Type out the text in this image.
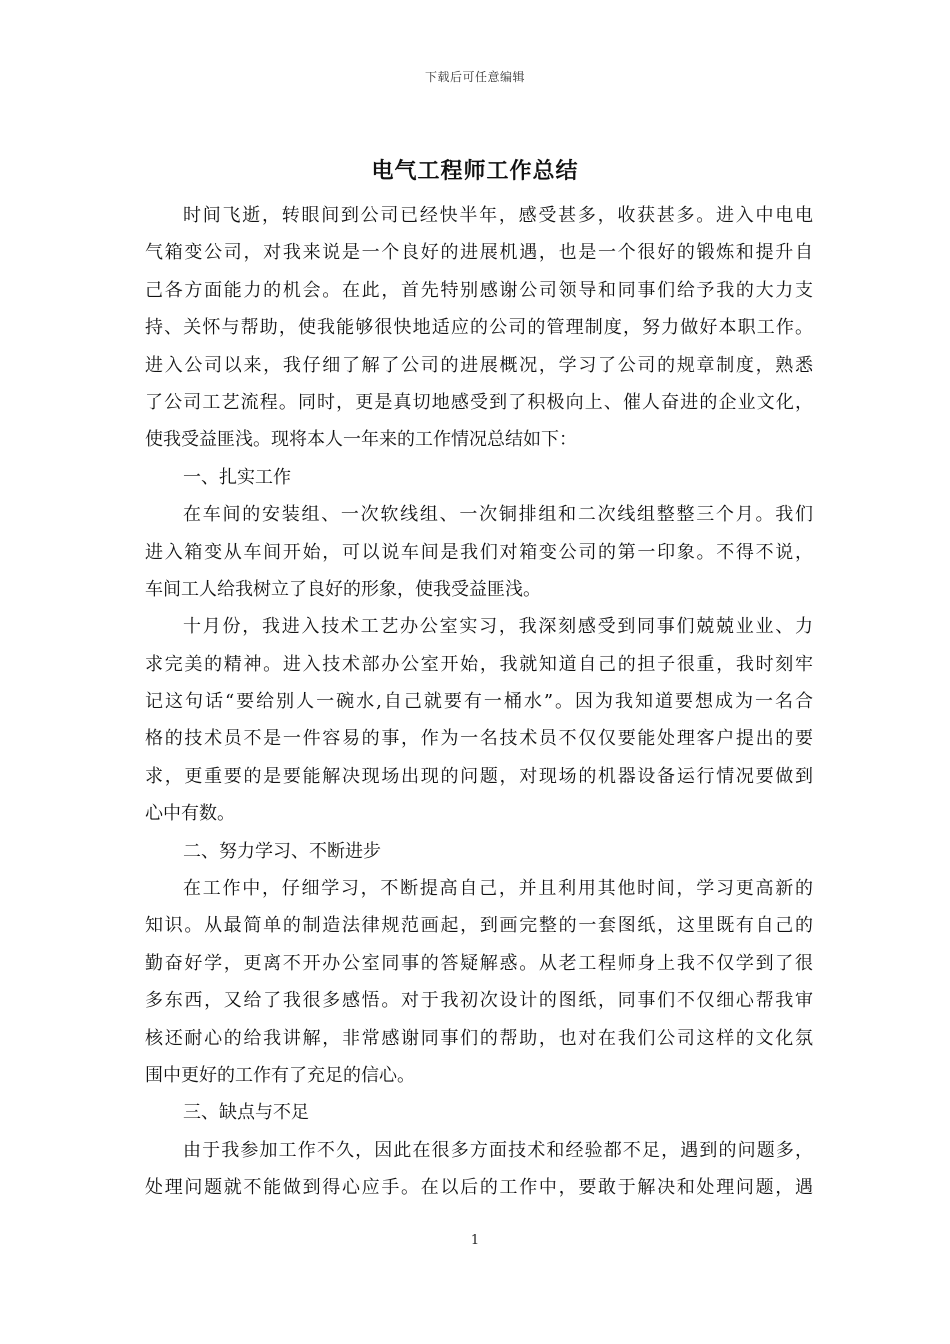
下载后可任意编辑
电气工程师工作总结
时间飞逝，转眼间到公司已经快半年，感受甚多，收获甚多。进入中电电
气箱变公司，对我来说是一个良好的进展机遇，也是一个很好的锻炼和提升自
己各方面能力的机会。在此，首先特别感谢公司领导和同事们给予我的大力支
持、关怀与帮助，使我能够很快地适应的公司的管理制度，努力做好本职工作。
进入公司以来，我仔细了解了公司的进展概况，学习了公司的规章制度，熟悉
了公司工艺流程。同时，更是真切地感受到了积极向上、催人奋进的企业文化，
使我受益匪浅。现将本人一年来的工作情况总结如下：
一、扎实工作
在车间的安装组、一次软线组、一次铜排组和二次线组整整三个月。我们
进入箱变从车间开始，可以说车间是我们对箱变公司的第一印象。不得不说，
车间工人给我树立了良好的形象，使我受益匪浅。
十月份，我进入技术工艺办公室实习，我深刻感受到同事们兢兢业业、力
求完美的精神。进入技术部办公室开始，我就知道自己的担子很重，我时刻牢
记这句话“要给别人一碗水,自己就要有一桶水”。因为我知道要想成为一名合
格的技术员不是一件容易的事，作为一名技术员不仅仅要能处理客户提出的要
求，更重要的是要能解决现场出现的问题，对现场的机器设备运行情况要做到
心中有数。
二、努力学习、不断进步
在工作中，仔细学习，不断提高自己，并且利用其他时间，学习更高新的
知识。从最简单的制造法律规范画起，到画完整的一套图纸，这里既有自己的
勤奋好学，更离不开办公室同事的答疑解惑。从老工程师身上我不仅学到了很
多东西，又给了我很多感悟。对于我初次设计的图纸，同事们不仅细心帮我审
核还耐心的给我讲解，非常感谢同事们的帮助，也对在我们公司这样的文化氛
围中更好的工作有了充足的信心。
三、缺点与不足
由于我参加工作不久，因此在很多方面技术和经验都不足，遇到的问题多，
处理问题就不能做到得心应手。在以后的工作中，要敢于解决和处理问题，遇
1
